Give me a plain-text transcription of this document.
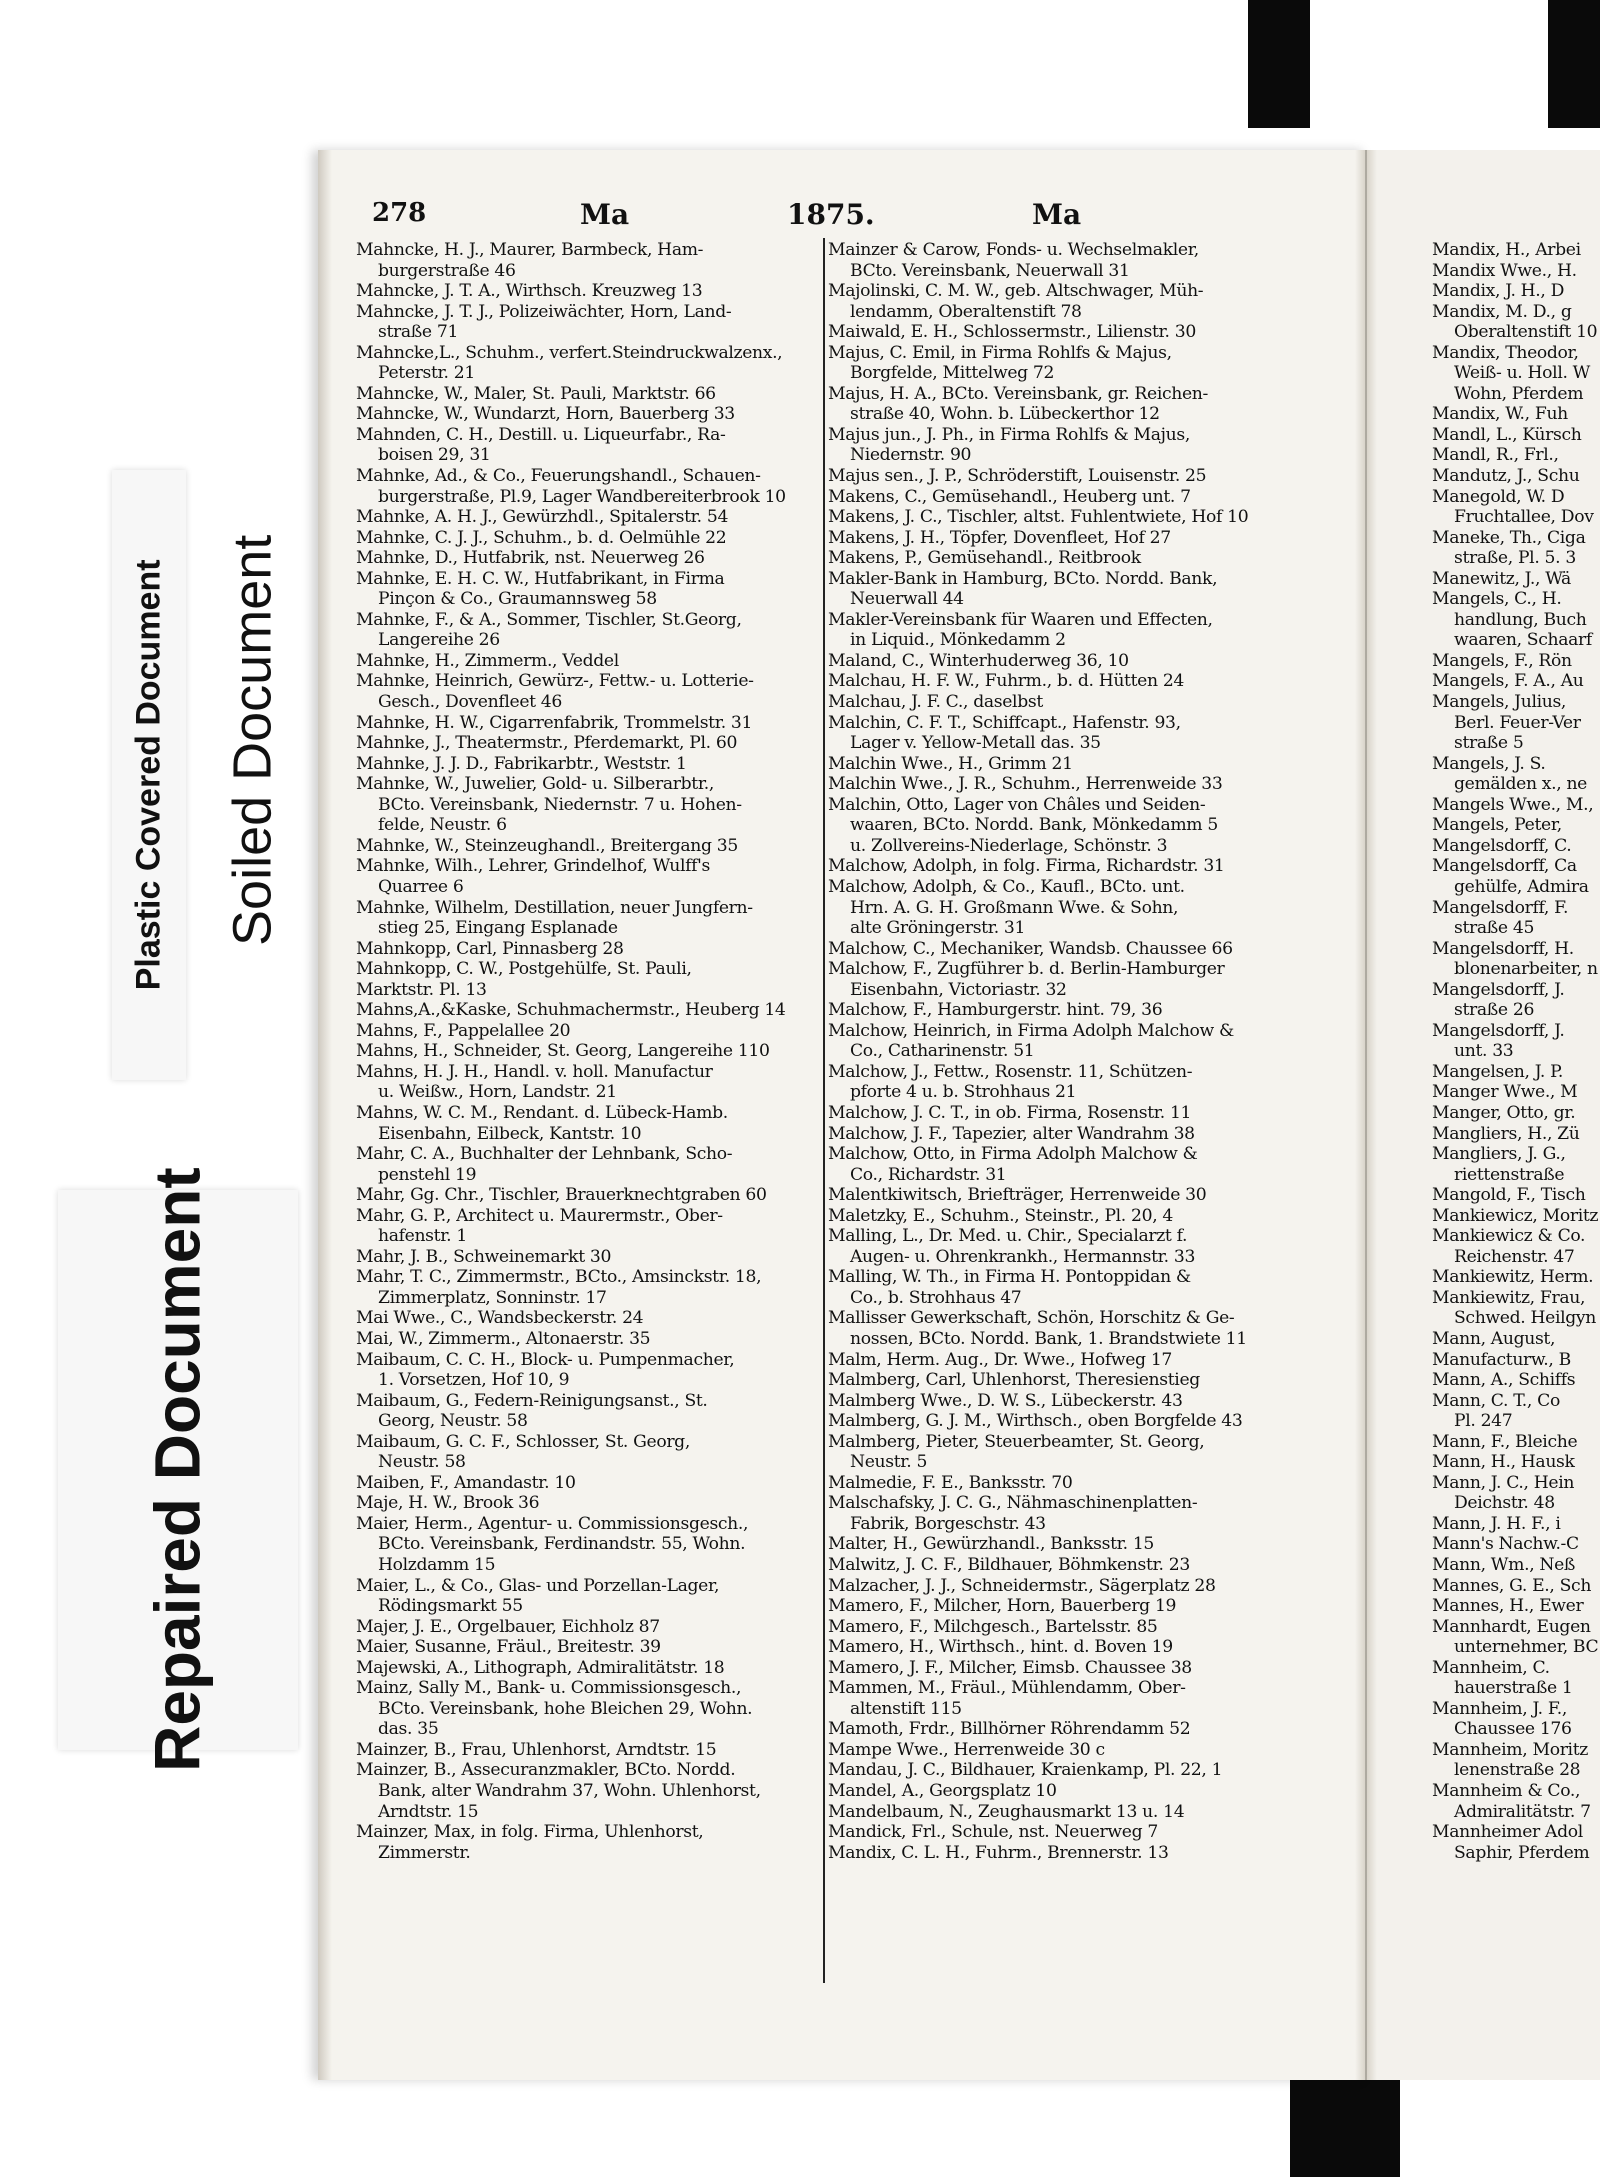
Plastic Covered Document Soiled Document
Repaired Document
278	Ma	1875.	Ma
Mahncke, H. J., Maurer, Barmbeck, Ham-
burgerstraße 46
Mahncke, J. T. A., Wirthsch. Kreuzweg 13
Mahncke, J. T. J., Polizeiwächter, Horn, Land-
straße 71
Mahncke,L., Schuhm., verfert.Steindruckwalzenx.,
Peterstr. 21
Mahncke, W., Maler, St. Pauli, Marktstr. 66
Mahncke, W., Wundarzt, Horn, Bauerberg 33
Mahnden, C. H., Destill. u. Liqueurfabr., Ra-
boisen 29, 31
Mahnke, Ad., & Co., Feuerungshandl., Schauen-
burgerstraße, Pl.9, Lager Wandbereiterbrook 10
Mahnke, A. H. J., Gewürzhdl., Spitalerstr. 54
Mahnke, C. J. J., Schuhm., b. d. Oelmühle 22
Mahnke, D., Hutfabrik, nst. Neuerweg 26
Mahnke, E. H. C. W., Hutfabrikant, in Firma
Pinçon & Co., Graumannsweg 58
Mahnke, F., & A., Sommer, Tischler, St.Georg,
Langereihe 26
Mahnke, H., Zimmerm., Veddel
Mahnke, Heinrich, Gewürz-, Fettw.- u. Lotterie-
Gesch., Dovenfleet 46
Mahnke, H. W., Cigarrenfabrik, Trommelstr. 31
Mahnke, J., Theatermstr., Pferdemarkt, Pl. 60
Mahnke, J. J. D., Fabrikarbtr., Weststr. 1
Mahnke, W., Juwelier, Gold- u. Silberarbtr.,
BCto. Vereinsbank, Niedernstr. 7 u. Hohen-
felde, Neustr. 6
Mahnke, W., Steinzeughandl., Breitergang 35
Mahnke, Wilh., Lehrer, Grindelhof, Wulff's
Quarree 6
Mahnke, Wilhelm, Destillation, neuer Jungfern-
stieg 25, Eingang Esplanade
Mahnkopp, Carl, Pinnasberg 28
Mahnkopp, C. W., Postgehülfe, St. Pauli,
Marktstr. Pl. 13
Mahns,A.,&Kaske, Schuhmachermstr., Heuberg 14
Mahns, F., Pappelallee 20
Mahns, H., Schneider, St. Georg, Langereihe 110
Mahns, H. J. H., Handl. v. holl. Manufactur
u. Weißw., Horn, Landstr. 21
Mahns, W. C. M., Rendant. d. Lübeck-Hamb.
Eisenbahn, Eilbeck, Kantstr. 10
Mahr, C. A., Buchhalter der Lehnbank, Scho-
penstehl 19
Mahr, Gg. Chr., Tischler, Brauerknechtgraben 60
Mahr, G. P., Architect u. Maurermstr., Ober-
hafenstr. 1
Mahr, J. B., Schweinemarkt 30
Mahr, T. C., Zimmermstr., BCto., Amsinckstr. 18,
Zimmerplatz, Sonninstr. 17
Mai Wwe., C., Wandsbeckerstr. 24
Mai, W., Zimmerm., Altonaerstr. 35
Maibaum, C. C. H., Block- u. Pumpenmacher,
1. Vorsetzen, Hof 10, 9
Maibaum, G., Federn-Reinigungsanst., St.
Georg, Neustr. 58
Maibaum, G. C. F., Schlosser, St. Georg,
Neustr. 58
Maiben, F., Amandastr. 10
Maje, H. W., Brook 36
Maier, Herm., Agentur- u. Commissionsgesch.,
BCto. Vereinsbank, Ferdinandstr. 55, Wohn.
Holzdamm 15
Maier, L., & Co., Glas- und Porzellan-Lager,
Rödingsmarkt 55
Majer, J. E., Orgelbauer, Eichholz 87
Maier, Susanne, Fräul., Breitestr. 39
Majewski, A., Lithograph, Admiralitätstr. 18
Mainz, Sally M., Bank- u. Commissionsgesch.,
BCto. Vereinsbank, hohe Bleichen 29, Wohn.
das. 35
Mainzer, B., Frau, Uhlenhorst, Arndtstr. 15
Mainzer, B., Assecuranzmakler, BCto. Nordd.
Bank, alter Wandrahm 37, Wohn. Uhlenhorst,
Arndtstr. 15
Mainzer, Max, in folg. Firma, Uhlenhorst,
Zimmerstr.
Mainzer & Carow, Fonds- u. Wechselmakler,
BCto. Vereinsbank, Neuerwall 31
Majolinski, C. M. W., geb. Altschwager, Müh-
lendamm, Oberaltenstift 78
Maiwald, E. H., Schlossermstr., Lilienstr. 30
Majus, C. Emil, in Firma Rohlfs & Majus,
Borgfelde, Mittelweg 72
Majus, H. A., BCto. Vereinsbank, gr. Reichen-
straße 40, Wohn. b. Lübeckerthor 12
Majus jun., J. Ph., in Firma Rohlfs & Majus,
Niedernstr. 90
Majus sen., J. P., Schröderstift, Louisenstr. 25
Makens, C., Gemüsehandl., Heuberg unt. 7
Makens, J. C., Tischler, altst. Fuhlentwiete, Hof 10
Makens, J. H., Töpfer, Dovenfleet, Hof 27
Makens, P., Gemüsehandl., Reitbrook
Makler-Bank in Hamburg, BCto. Nordd. Bank,
Neuerwall 44
Makler-Vereinsbank für Waaren und Effecten,
in Liquid., Mönkedamm 2
Maland, C., Winterhuderweg 36, 10
Malchau, H. F. W., Fuhrm., b. d. Hütten 24
Malchau, J. F. C., daselbst
Malchin, C. F. T., Schiffcapt., Hafenstr. 93,
Lager v. Yellow-Metall das. 35
Malchin Wwe., H., Grimm 21
Malchin Wwe., J. R., Schuhm., Herrenweide 33
Malchin, Otto, Lager von Châles und Seiden-
waaren, BCto. Nordd. Bank, Mönkedamm 5
u. Zollvereins-Niederlage, Schönstr. 3
Malchow, Adolph, in folg. Firma, Richardstr. 31
Malchow, Adolph, & Co., Kaufl., BCto. unt.
Hrn. A. G. H. Großmann Wwe. & Sohn,
alte Gröningerstr. 31
Malchow, C., Mechaniker, Wandsb. Chaussee 66
Malchow, F., Zugführer b. d. Berlin-Hamburger
Eisenbahn, Victoriastr. 32
Malchow, F., Hamburgerstr. hint. 79, 36
Malchow, Heinrich, in Firma Adolph Malchow &
Co., Catharinenstr. 51
Malchow, J., Fettw., Rosenstr. 11, Schützen-
pforte 4 u. b. Strohhaus 21
Malchow, J. C. T., in ob. Firma, Rosenstr. 11
Malchow, J. F., Tapezier, alter Wandrahm 38
Malchow, Otto, in Firma Adolph Malchow &
Co., Richardstr. 31
Malentkiwitsch, Briefträger, Herrenweide 30
Maletzky, E., Schuhm., Steinstr., Pl. 20, 4
Malling, L., Dr. Med. u. Chir., Specialarzt f.
Augen- u. Ohrenkrankh., Hermannstr. 33
Malling, W. Th., in Firma H. Pontoppidan &
Co., b. Strohhaus 47
Mallisser Gewerkschaft, Schön, Horschitz & Ge-
nossen, BCto. Nordd. Bank, 1. Brandstwiete 11
Malm, Herm. Aug., Dr. Wwe., Hofweg 17
Malmberg, Carl, Uhlenhorst, Theresienstieg
Malmberg Wwe., D. W. S., Lübeckerstr. 43
Malmberg, G. J. M., Wirthsch., oben Borgfelde 43
Malmberg, Pieter, Steuerbeamter, St. Georg,
Neustr. 5
Malmedie, F. E., Banksstr. 70
Malschafsky, J. C. G., Nähmaschinenplatten-
Fabrik, Borgeschstr. 43
Malter, H., Gewürzhandl., Banksstr. 15
Malwitz, J. C. F., Bildhauer, Böhmkenstr. 23
Malzacher, J. J., Schneidermstr., Sägerplatz 28
Mamero, F., Milcher, Horn, Bauerberg 19
Mamero, F., Milchgesch., Bartelsstr. 85
Mamero, H., Wirthsch., hint. d. Boven 19
Mamero, J. F., Milcher, Eimsb. Chaussee 38
Mammen, M., Fräul., Mühlendamm, Ober-
altenstift 115
Mamoth, Frdr., Billhörner Röhrendamm 52
Mampe Wwe., Herrenweide 30 c
Mandau, J. C., Bildhauer, Kraienkamp, Pl. 22, 1
Mandel, A., Georgsplatz 10
Mandelbaum, N., Zeughausmarkt 13 u. 14
Mandick, Frl., Schule, nst. Neuerweg 7
Mandix, C. L. H., Fuhrm., Brennerstr. 13
Mandix, H., Arbei
Mandix Wwe., H.
Mandix, J. H., D
Mandix, M. D., g
Oberaltenstift 10
Mandix, Theodor,
Weiß- u. Holl. W
Wohn, Pferdem
Mandix, W., Fuh
Mandl, L., Kürsch
Mandl, R., Frl.,
Mandutz, J., Schu
Manegold, W. D
Fruchtallee, Dov
Maneke, Th., Ciga
straße, Pl. 5. 3
Manewitz, J., Wä
Mangels, C., H.
handlung, Buch
waaren, Schaarf
Mangels, F., Rön
Mangels, F. A., Au
Mangels, Julius,
Berl. Feuer-Ver
straße 5
Mangels, J. S.
gemälden x., ne
Mangels Wwe., M.,
Mangels, Peter,
Mangelsdorff, C.
Mangelsdorff, Ca
gehülfe, Admira
Mangelsdorff, F.
straße 45
Mangelsdorff, H.
blonenarbeiter, n
Mangelsdorff, J.
straße 26
Mangelsdorff, J.
unt. 33
Mangelsen, J. P.
Manger Wwe., M
Manger, Otto, gr.
Mangliers, H., Zü
Mangliers, J. G.,
riettenstraße
Mangold, F., Tisch
Mankiewicz, Moritz
Mankiewicz & Co.
Reichenstr. 47
Mankiewitz, Herm.
Mankiewitz, Frau,
Schwed. Heilgyn
Mann, August,
Manufacturw., B
Mann, A., Schiffs
Mann, C. T., Co
Pl. 247
Mann, F., Bleiche
Mann, H., Hausk
Mann, J. C., Hein
Deichstr. 48
Mann, J. H. F., i
Mann's Nachw.-C
Mann, Wm., Neß
Mannes, G. E., Sch
Mannes, H., Ewer
Mannhardt, Eugen
unternehmer, BC
Mannheim, C.
hauerstraße 1
Mannheim, J. F.,
Chaussee 176
Mannheim, Moritz
lenenstraße 28
Mannheim & Co.,
Admiralitätstr. 7
Mannheimer Adol
Saphir, Pferdem
